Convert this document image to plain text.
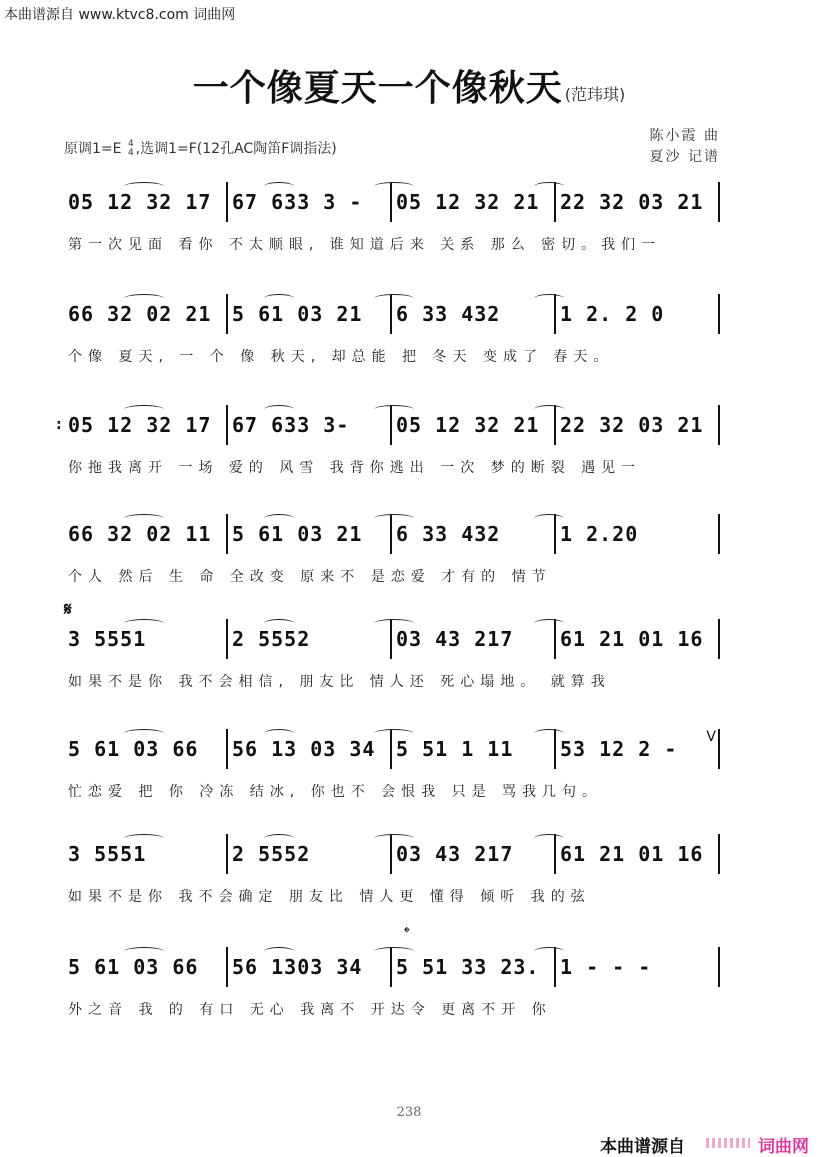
本曲谱源自 www.ktvc8.com 词曲网
一个像夏天一个像秋天 (范玮琪)
原调1=E 4
4 ,选调1=F(12孔AC陶笛F调指法)
陈小霞 曲
夏沙 记谱
05 12 32 17	67 633 3 -	05 12 32 21	22 32 03 21
第一次见面 看你 不太顺眼, 谁知道后来 关系 那么 密切。我们一
66 32 02 21	5 61 03 21	6 33 432	1 2. 2 0
个像 夏天, 一 个 像 秋天, 却总能 把 冬天 变成了 春天。
05 12 32 17	67 633 3-	05 12 32 21	22 32 03 21
你拖我离开 一场 爱的 风雪 我背你逃出 一次 梦的断裂 遇见一
:
66 32 02 11	5 61 03 21	6 33 432	1 2.20
个人 然后 生 命 全改变 原来不 是恋爱 才有的 情节
3 5551	2 5552	03 43 217	61 21 01 16
如果不是你 我不会相信, 朋友比 情人还 死心塌地。 就算我
𝄋
5 61 03 66	56 13 03 34	5 51 1 11	53 12 2 -
忙恋爱 把 你 冷冻 结冰, 你也不 会恨我 只是 骂我几句。
V
3 5551	2 5552	03 43 217	61 21 01 16
如果不是你 我不会确定 朋友比 情人更 懂得 倾听 我的弦
5 61 03 66	56 1303 34	5 51 33 23.	1 - - -
外之音 我 的 有口 无心 我离不 开达令 更离不开 你
𝄌
238
本曲谱源自	词曲网
